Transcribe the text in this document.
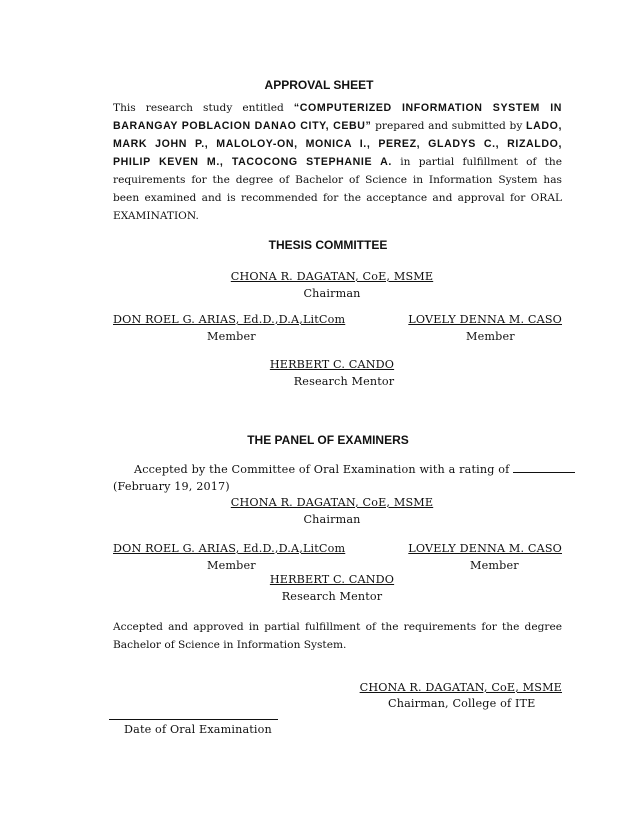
APPROVAL SHEET
This research study entitled “COMPUTERIZED INFORMATION SYSTEM IN BARANGAY POBLACION DANAO CITY, CEBU” prepared and submitted by LADO, MARK JOHN P., MALOLOY-ON, MONICA I., PEREZ, GLADYS C., RIZALDO, PHILIP KEVEN M., TACOCONG STEPHANIE A. in partial fulfillment of the requirements for the degree of Bachelor of Science in Information System has been examined and is recommended for the acceptance and approval for ORAL EXAMINATION.
THESIS COMMITTEE
CHONA R. DAGATAN, CoE, MSME
Chairman
DON ROEL G. ARIAS, Ed.D.,D.A,LitCom
Member
LOVELY DENNA M. CASO
Member
HERBERT C. CANDO
Research Mentor
THE PANEL OF EXAMINERS
Accepted by the Committee of Oral Examination with a rating of
(February 19, 2017)
CHONA R. DAGATAN, CoE, MSME
Chairman
DON ROEL G. ARIAS, Ed.D.,D.A,LitCom
Member
LOVELY DENNA M. CASO
Member
HERBERT C. CANDO
Research Mentor
Accepted and approved in partial fulfillment of the requirements for the degree Bachelor of Science in Information System.
CHONA R. DAGATAN, CoE, MSME
Chairman, College of ITE
Date of Oral Examination
